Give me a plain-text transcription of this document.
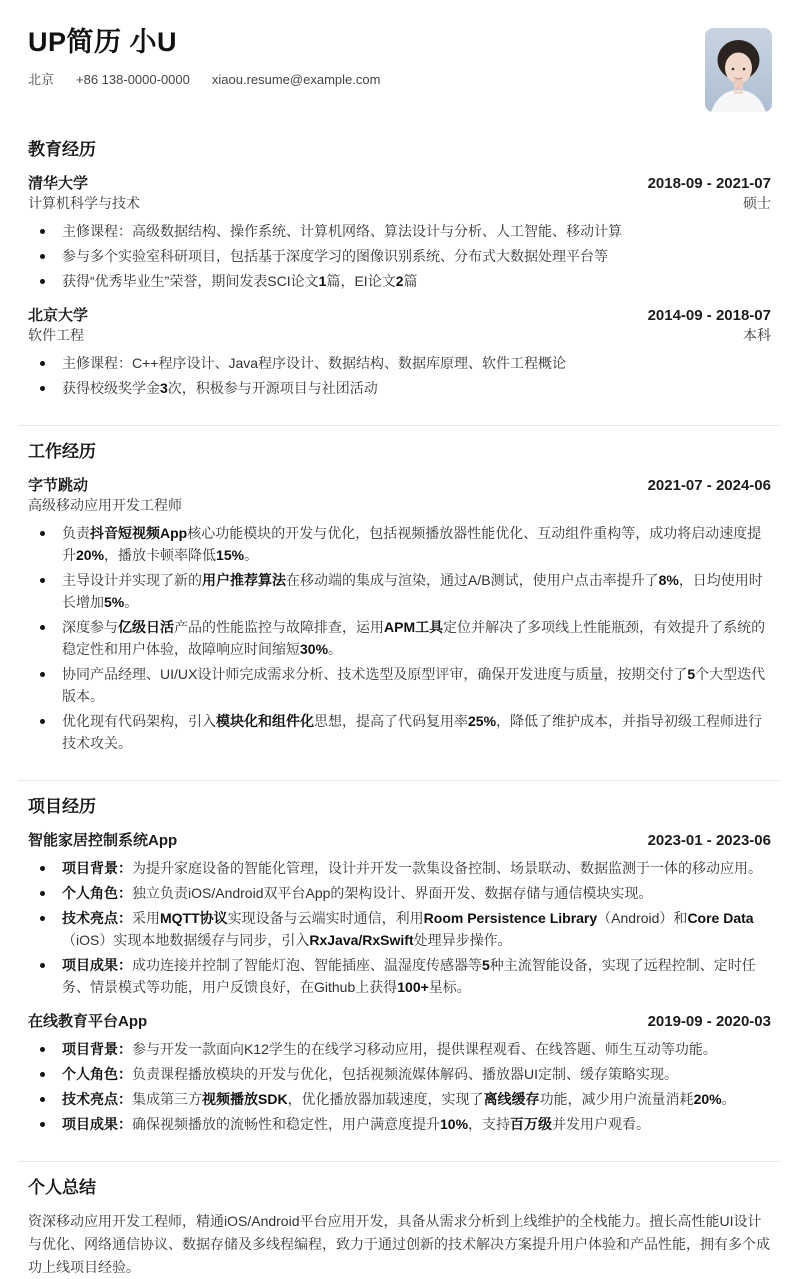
UP简历 小U
北京 +86 138-0000-0000 xiaou.resume@example.com
教育经历
清华大学
计算机科学与技术
2018-09 - 2021-07
硕士
主修课程：高级数据结构、操作系统、计算机网络、算法设计与分析、人工智能、移动计算
参与多个实验室科研项目，包括基于深度学习的图像识别系统、分布式大数据处理平台等
获得“优秀毕业生”荣誉，期间发表SCI论文1篇，EI论文2篇
北京大学
软件工程
2014-09 - 2018-07
本科
主修课程：C++程序设计、Java程序设计、数据结构、数据库原理、软件工程概论
获得校级奖学金3次，积极参与开源项目与社团活动
工作经历
字节跳动
高级移动应用开发工程师
2021-07 - 2024-06
负责抖音短视频App核心功能模块的开发与优化，包括视频播放器性能优化、互动组件重构等，成功将启动速度提升20%，播放卡顿率降低15%。
主导设计并实现了新的用户推荐算法在移动端的集成与渲染，通过A/B测试，使用户点击率提升了8%，日均使用时长增加5%。
深度参与亿级日活产品的性能监控与故障排查，运用APM工具定位并解决了多项线上性能瓶颈，有效提升了系统的稳定性和用户体验，故障响应时间缩短30%。
协同产品经理、UI/UX设计师完成需求分析、技术选型及原型评审，确保开发进度与质量，按期交付了5个大型迭代版本。
优化现有代码架构，引入模块化和组件化思想，提高了代码复用率25%，降低了维护成本，并指导初级工程师进行技术攻关。
项目经历
智能家居控制系统App	2023-01 - 2023-06
项目背景：为提升家庭设备的智能化管理，设计并开发一款集设备控制、场景联动、数据监测于一体的移动应用。
个人角色：独立负责iOS/Android双平台App的架构设计、界面开发、数据存储与通信模块实现。
技术亮点：采用MQTT协议实现设备与云端实时通信，利用Room Persistence Library（Android）和Core Data（iOS）实现本地数据缓存与同步，引入RxJava/RxSwift处理异步操作。
项目成果：成功连接并控制了智能灯泡、智能插座、温湿度传感器等5种主流智能设备，实现了远程控制、定时任务、情景模式等功能，用户反馈良好，在Github上获得100+星标。
在线教育平台App	2019-09 - 2020-03
项目背景：参与开发一款面向K12学生的在线学习移动应用，提供课程观看、在线答题、师生互动等功能。
个人角色：负责课程播放模块的开发与优化，包括视频流媒体解码、播放器UI定制、缓存策略实现。
技术亮点：集成第三方视频播放SDK，优化播放器加载速度，实现了离线缓存功能，减少用户流量消耗20%。
项目成果：确保视频播放的流畅性和稳定性，用户满意度提升10%，支持百万级并发用户观看。
个人总结

资深移动应用开发工程师，精通iOS/Android平台应用开发，具备从需求分析到上线维护的全栈能力。擅长高性能UI设计与优化、网络通信协议、数据存储及多线程编程，致力于通过创新的技术解决方案提升用户体验和产品性能，拥有多个成功上线项目经验。
